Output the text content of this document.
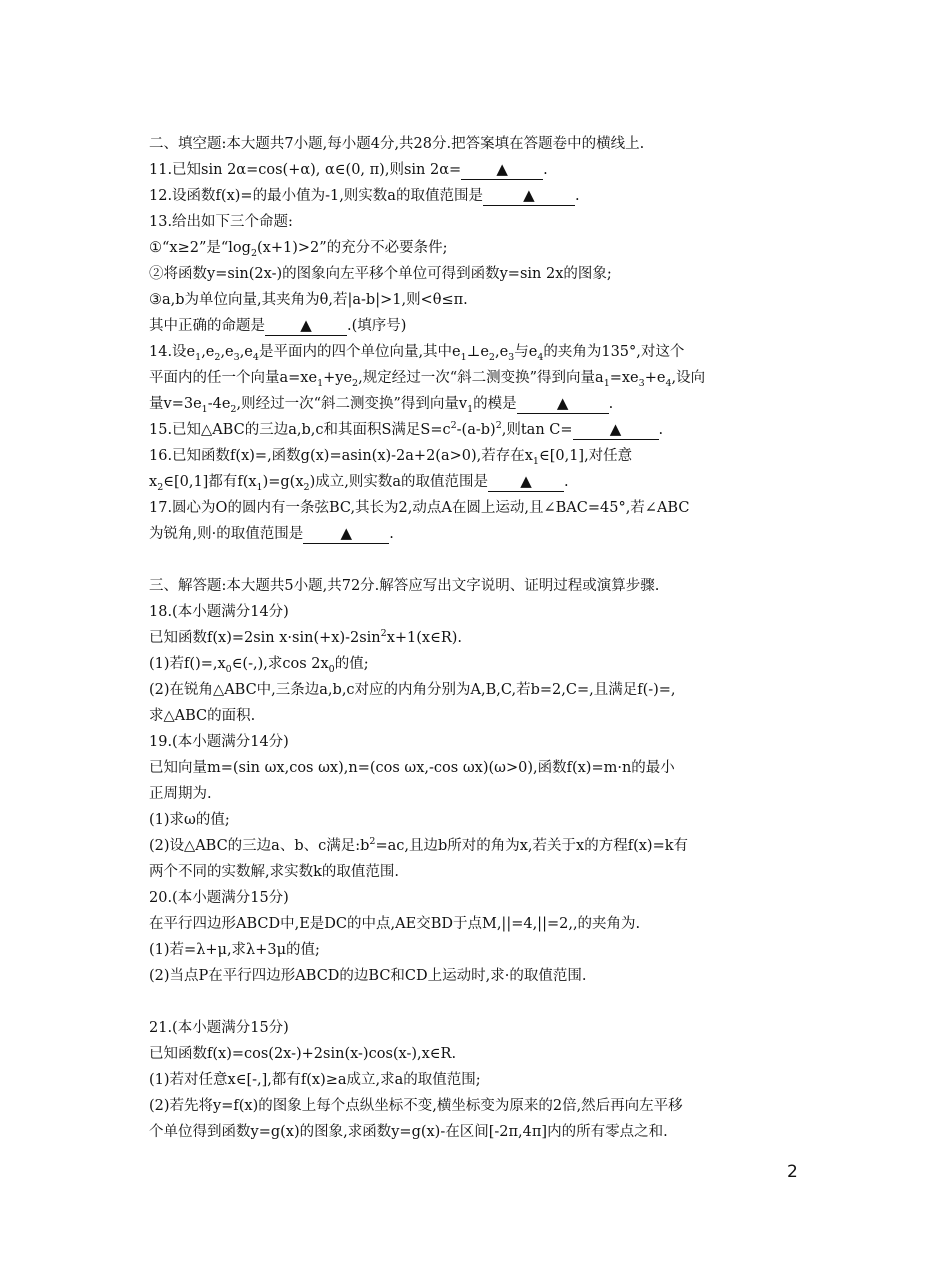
二、填空题:本大题共7小题,每小题4分,共28分.把答案填在答题卷中的横线上.
11.已知sin 2α=cos(+α), α∈(0, π),则sin 2α= ▲ .
12.设函数f(x)=的最小值为-1,则实数a的取值范围是	▲	.
13.给出如下三个命题:
①“x≥2”是“$\log_2(x+1)>2$”的充分不必要条件;
②将函数y=sin(2x-)的图象向左平移个单位可得到函数y=sin 2x的图象;
③a,b为单位向量,其夹角为θ,若|a-b|>1,则<θ≤π.
其中正确的命题是 ▲ .(填序号)
14.设$e_1,e_2,e_3,e_4$是平面内的四个单位向量,其中$e_1\perp e_2,e_3$与$e_4$的夹角为135°,对这个
平面内的任一个向量$a=xe_1+ye_2$,规定经过一次“斜二测变换”得到向量$a_1=xe_3+e_4$,设向
量$v=3e_1-4e_2$,则经过一次“斜二测变换”得到向量$v_1$的模是	▲	.
15.已知△ABC的三边a,b,c和其面积S满足$S=c^2-(a-b)^2$,则tan C= ▲	.
16.已知函数f(x)=,函数g(x)=asin(x)-2a+2(a>0),若存在$x_1\in[0,1]$,对任意
$x_2\in[0,1]$都有$f(x_1)=g(x_2)$成立,则实数a的取值范围是 ▲ .
17.圆心为O的圆内有一条弦BC,其长为2,动点A在圆上运动,且∠BAC=45°,若∠ABC
为锐角,则·的取值范围是 ▲	.
三、解答题:本大题共5小题,共72分.解答应写出文字说明、证明过程或演算步骤.
18.(本小题满分14分)
已知函数f(x)=2sin $x\cdot\sin(+x)-2\sin^2x+1(x\in R)$.
(1)若$f()=,x_0\in(-,)$,求$\cos 2x_0$的值;
(2)在锐角△ABC中,三条边a,b,c对应的内角分别为A,B,C,若b=2,C=,且满足f(-)=,
求△ABC的面积.
19.(本小题满分14分)
已知向量m=(sin ωx,cos ωx),n=(cos ωx,-cos ωx)(ω>0),函数f(x)=m·n的最小
正周期为.
(1)求ω的值;
(2)设△ABC的三边a、b、c满足$:b^2=ac$,且边b所对的角为x,若关于x的方程f(x)=k有
两个不同的实数解,求实数k的取值范围.
20.(本小题满分15分)
在平行四边形ABCD中,E是DC的中点,AE交BD于点M,||=4,||=2,,的夹角为.
(1)若=λ+μ,求λ+3μ的值;
(2)当点P在平行四边形ABCD的边BC和CD上运动时,求·的取值范围.
21.(本小题满分15分)
已知函数f(x)=cos(2x-)+2sin(x-)cos(x-),x∈R.
(1)若对任意x∈[-,],都有f(x)≥a成立,求a的取值范围;
(2)若先将y=f(x)的图象上每个点纵坐标不变,横坐标变为原来的2倍,然后再向左平移
个单位得到函数y=g(x)的图象,求函数y=g(x)-在区间[-2π,4π]内的所有零点之和.
2
